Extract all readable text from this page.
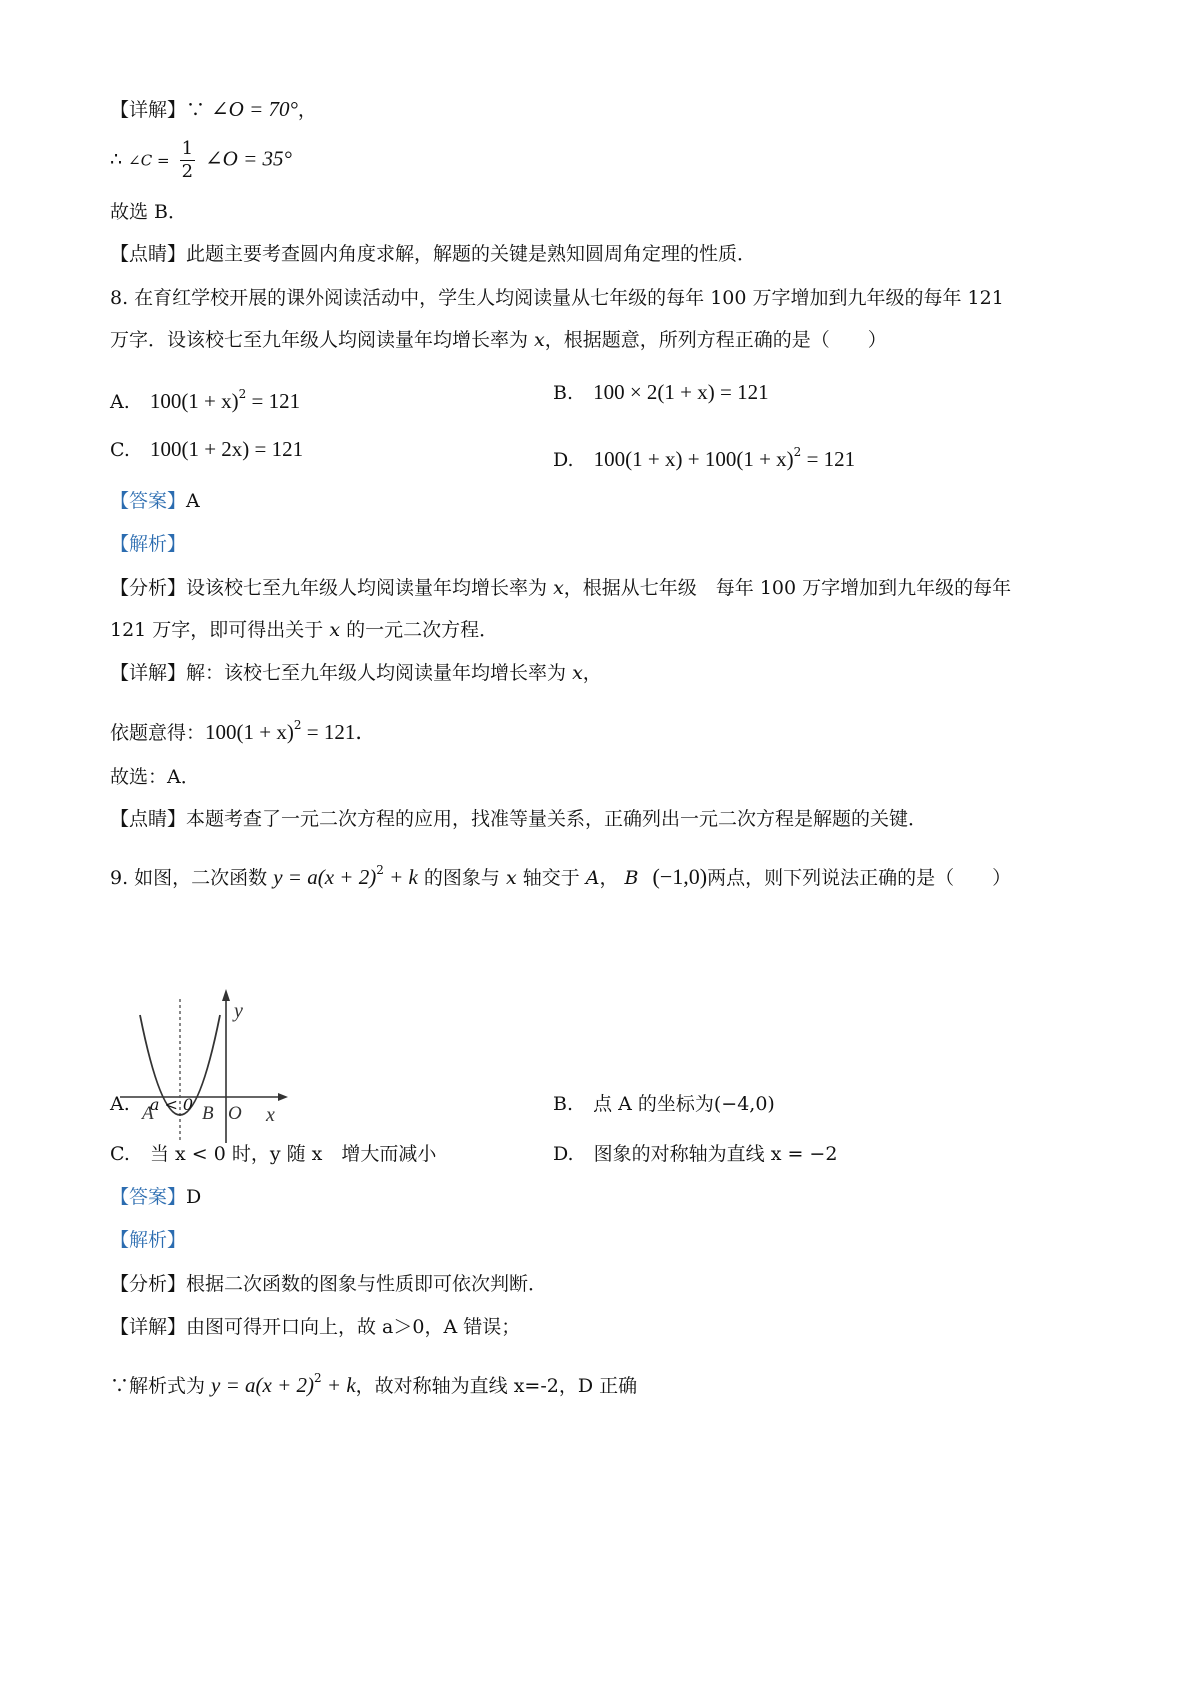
【详解】∵ ∠O = 70°，
∴ ∠C = $\frac{1}{2}$ ∠O = 35°
故选 B．
【点睛】此题主要考查圆内角度求解，解题的关键是熟知圆周角定理的性质．
8. 在育红学校开展的课外阅读活动中，学生人均阅读量从七年级的每年 100 万字增加到九年级的每年 121
万字．设该校七至九年级人均阅读量年均增长率为 x，根据题意，所列方程正确的是（　　）
A. $100(1 + x)^2 = 121$	B. 100 × 2(1 + x) = 121
C. 100(1 + 2x) = 121	D. $100(1 + x) + 100(1 + x)^2 = 121$
【答案】A
【解析】
【分析】设该校七至九年级人均阅读量年均增长率为 x，根据从七年级　每年 100 万字增加到九年级的每年
121 万字，即可得出关于 x 的一元二次方程．
【详解】解：该校七至九年级人均阅读量年均增长率为 x，
依题意得：$100(1 + x)^2 = 121$．
故选：A．
【点睛】本题考查了一元二次方程的应用，找准等量关系，正确列出一元二次方程是解题的关键．
9. 如图，二次函数 $y = a(x + 2)^2 + k$ 的图象与 x 轴交于 A， B (−1,0)两点，则下列说法正确的是（　　）
y
x
A	B O
A. a < 0	B. 点 A 的坐标为(−4,0)
C. 当 x < 0 时，y 随 x　增大而减小	D. 图象的对称轴为直线 x = −2
【答案】D
【解析】
【分析】根据二次函数的图象与性质即可依次判断．
【详解】由图可得开口向上，故 a＞0，A 错误；
∵解析式为 $y = a(x + 2)^2 + k$，故对称轴为直线 x=-2，D 正确
